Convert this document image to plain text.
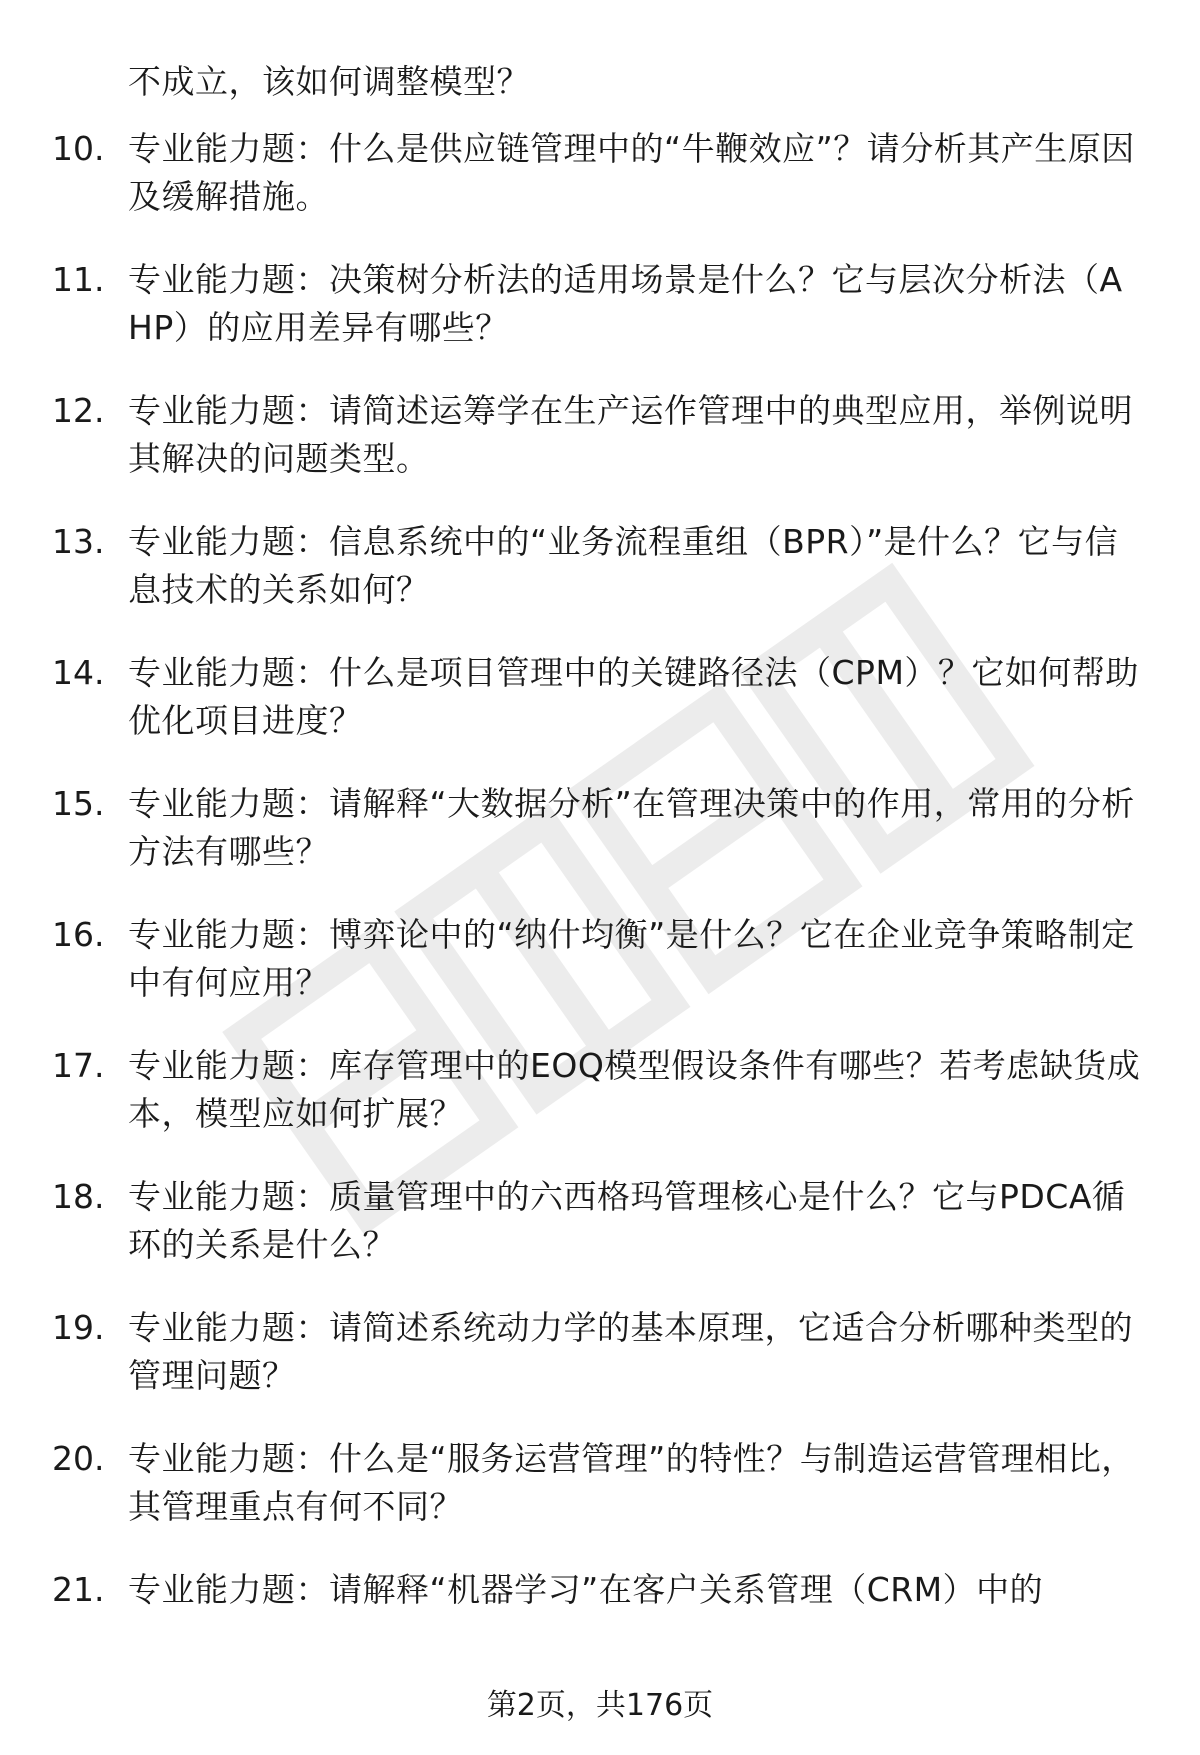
不成立，该如何调整模型？
10. 专业能力题：什么是供应链管理中的“牛鞭效应”？请分析其产生原因及缓解措施。
11. 专业能力题：决策树分析法的适用场景是什么？它与层次分析法（AHP）的应用差异有哪些？
12. 专业能力题：请简述运筹学在生产运作管理中的典型应用，举例说明其解决的问题类型。
13. 专业能力题：信息系统中的“业务流程重组（BPR）”是什么？它与信息技术的关系如何？
14. 专业能力题：什么是项目管理中的关键路径法（CPM）？它如何帮助优化项目进度？
15. 专业能力题：请解释“大数据分析”在管理决策中的作用，常用的分析方法有哪些？
16. 专业能力题：博弈论中的“纳什均衡”是什么？它在企业竞争策略制定中有何应用？
17. 专业能力题：库存管理中的EOQ模型假设条件有哪些？若考虑缺货成本，模型应如何扩展？
18. 专业能力题：质量管理中的六西格玛管理核心是什么？它与PDCA循环的关系是什么？
19. 专业能力题：请简述系统动力学的基本原理，它适合分析哪种类型的管理问题？
20. 专业能力题：什么是“服务运营管理”的特性？与制造运营管理相比，其管理重点有何不同？
21. 专业能力题：请解释“机器学习”在客户关系管理（CRM）中的
第2页，共176页
